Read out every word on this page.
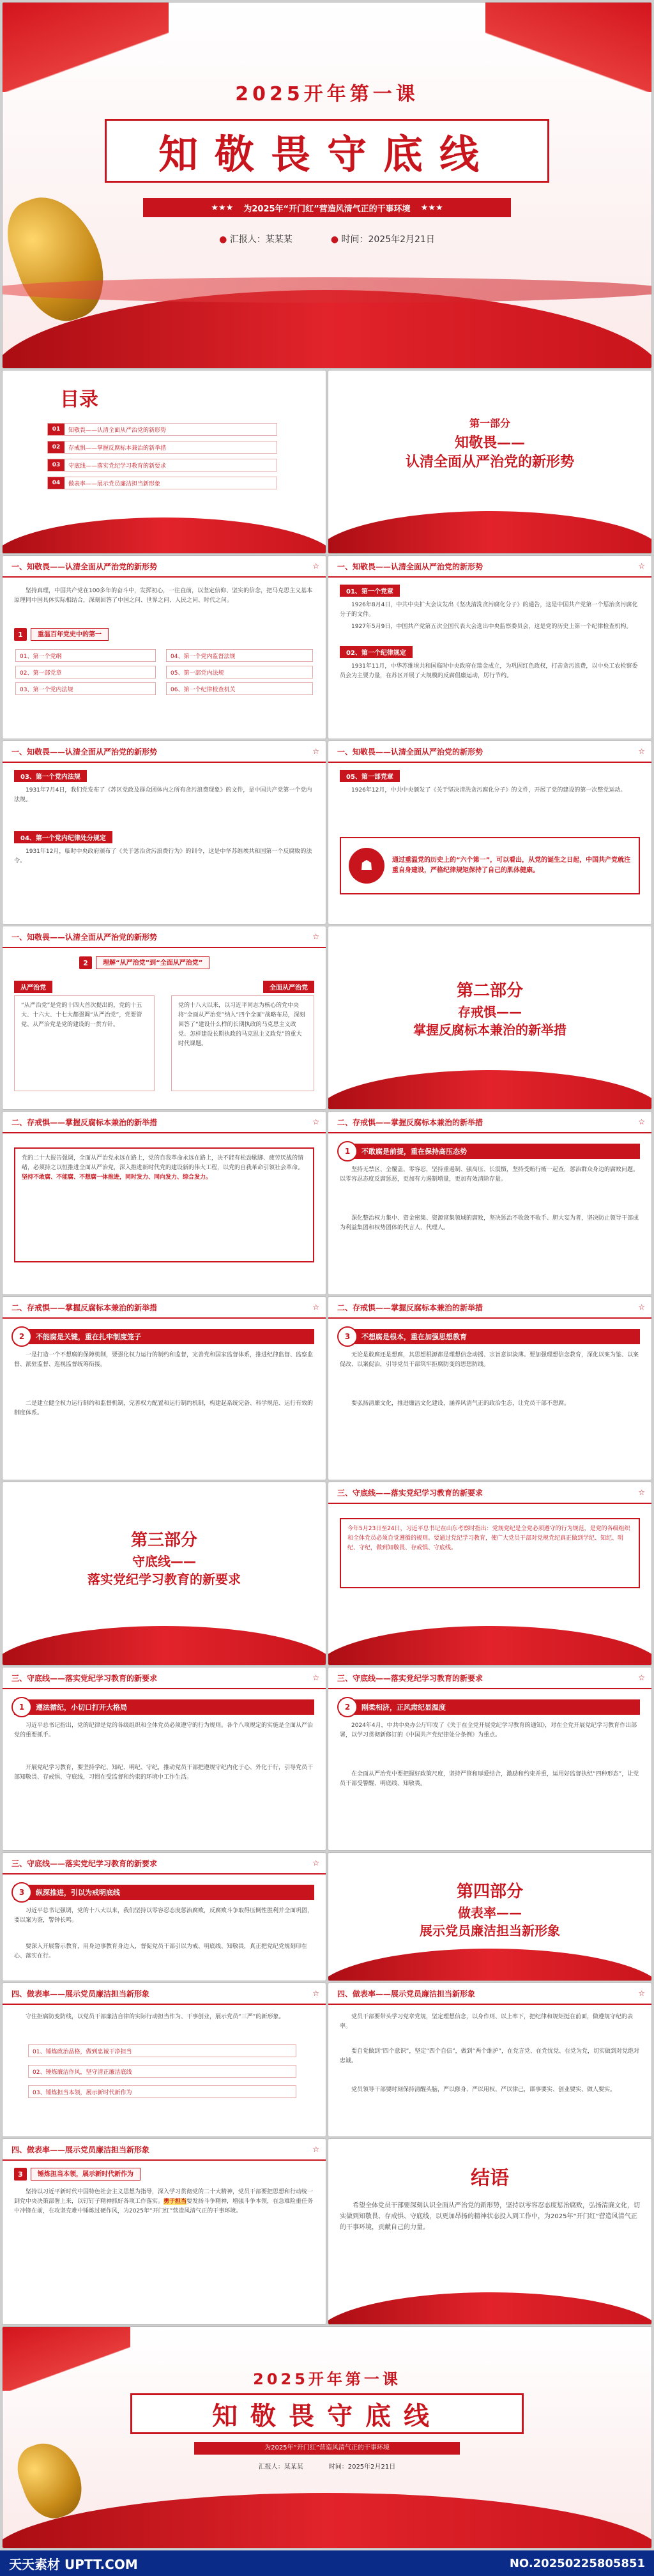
2025开年第一课
知敬畏守底线
★★★ 为2025年“开门红”营造风清气正的干事环境 ★★★
● 汇报人：某某某	● 时间：2025年2月21日
目录
01	知敬畏——认清全面从严治党的新形势
02	存戒惧——掌握反腐标本兼治的新举措
03	守底线——落实党纪学习教育的新要求
04	做表率——展示党员廉洁担当新形象
第一部分
知敬畏——
认清全面从严治党的新形势
一、知敬畏——认清全面从严治党的新形势	☆
坚持真理，中国共产党在100多年的奋斗中，发挥初心，一往直前，以坚定信仰、坚实的信念，把马克思主义基本原理同中国具体实际相结合，深刻回答了中国之问、世界之问、人民之问、时代之问。
1	重温百年党史中的第一
01、第一个党纲	04、第一个党内监督法规
02、第一部党章	05、第一部党内法规
03、第一个党内法规	06、第一个纪律检查机关
一、知敬畏——认清全面从严治党的新形势	☆
01、第一个党章
1926年8月4日，中共中央扩大会议发出《坚决清洗贪污腐化分子》的通告，这是中国共产党第一个惩治贪污腐化分子的文件。
1927年5月9日，中国共产党第五次全国代表大会选出中央监察委员会，这是党的历史上第一个纪律检查机构。
02、第一个纪律规定
1931年11月，中华苏维埃共和国临时中央政府在瑞金成立，为巩固红色政权，打击贪污浪费，以中央工农检察委员会为主要力量，在苏区开展了大规模的反腐倡廉运动，厉行节约。
一、知敬畏——认清全面从严治党的新形势	☆
03、第一个党内法规
1931年7月4日，我们党发布了《苏区党政及群众团体内之所有贪污浪费现象》的文件，是中国共产党第一个党内法规。
04、第一个党内纪律处分规定
1931年12月，临时中央政府颁布了《关于惩治贪污浪费行为》的训令，这是中华苏维埃共和国第一个反腐败的法令。
一、知敬畏——认清全面从严治党的新形势	☆
05、第一部党章
1926年12月，中共中央颁发了《关于坚决清洗贪污腐化分子》的文件，开展了党的建设的第一次整党运动。
☗	通过重温党的历史上的“六个第一”，可以看出，从党的诞生之日起，中国共产党就注重自身建设，严格纪律规矩保持了自己的肌体健康。
一、知敬畏——认清全面从严治党的新形势	☆
2	理解“从严治党”到“全面从严治党”
从严治党	全面从严治党
“从严治党”是党的十四大首次提出的，党的十五大、十六大、十七大都强调“从严治党”，党要管党、从严治党是党的建设的一贯方针。
党的十八大以来，以习近平同志为核心的党中央将“全面从严治党”纳入“四个全面”战略布局，深刻回答了“建设什么样的长期执政的马克思主义政党、怎样建设长期执政的马克思主义政党”的重大时代课题。
第二部分
存戒惧——
掌握反腐标本兼治的新举措
二、存戒惧——掌握反腐标本兼治的新举措	☆
党的二十大报告强调，全面从严治党永远在路上，党的自我革命永远在路上，决不能有松劲歇脚、疲劳厌战的情绪，必须持之以恒推进全面从严治党，深入推进新时代党的建设新的伟大工程，以党的自我革命引领社会革命。坚持不敢腐、不能腐、不想腐一体推进，同时发力、同向发力、综合发力。
二、存戒惧——掌握反腐标本兼治的新举措	☆
1	不敢腐是前提，重在保持高压态势
坚持无禁区、全覆盖、零容忍，坚持重遏制、强高压、长震慑，坚持受贿行贿一起查，惩治群众身边的腐败问题。以零容忍态度反腐惩恶，更加有力遏制增量，更加有效清除存量。
深化整治权力集中、资金密集、资源富集领域的腐败，坚决惩治不收敛不收手、胆大妄为者，坚决防止领导干部成为利益集团和权势团体的代言人、代理人。
二、存戒惧——掌握反腐标本兼治的新举措	☆
2	不能腐是关键，重在扎牢制度笼子
一是打造一个不想腐的保障机制，要强化权力运行的制约和监督，完善党和国家监督体系，推进纪律监督、监察监督、派驻监督、巡视监督统筹衔接。
二是建立健全权力运行制约和监督机制，完善权力配置和运行制约机制，构建起系统完备、科学规范、运行有效的制度体系。
二、存戒惧——掌握反腐标本兼治的新举措	☆
3	不想腐是根本，重在加强思想教育
无论是敢腐还是想腐，其思想根源都是理想信念动摇、宗旨意识淡薄。要加强理想信念教育，深化以案为鉴、以案促改、以案促治，引导党员干部筑牢拒腐防变的思想防线。
要弘扬清廉文化，推进廉洁文化建设，涵养风清气正的政治生态，让党员干部不想腐。
第三部分
守底线——
落实党纪学习教育的新要求
三、守底线——落实党纪学习教育的新要求	☆
今年5月23日至24日，习近平总书记在山东考察时指出：党规党纪是全党必须遵守的行为规范，是党的各级组织和全体党员必须自觉遵循的规则。要通过党纪学习教育，使广大党员干部对党规党纪真正做到学纪、知纪、明纪、守纪，做到知敬畏、存戒惧、守底线。
三、守底线——落实党纪学习教育的新要求	☆
1	遵法循纪，小切口打开大格局
习近平总书记指出，党的纪律是党的各级组织和全体党员必须遵守的行为规则。各个八项规定的实施是全面从严治党的重要抓手。
开展党纪学习教育，要坚持学纪、知纪、明纪、守纪，推动党员干部把遵规守纪内化于心、外化于行，引导党员干部知敬畏、存戒惧、守底线，习惯在受监督和约束的环境中工作生活。
三、守底线——落实党纪学习教育的新要求	☆
2	刚柔相济，正风肃纪显温度
2024年4月，中共中央办公厅印发了《关于在全党开展党纪学习教育的通知》，对在全党开展党纪学习教育作出部署，以学习贯彻新修订的《中国共产党纪律处分条例》为重点。
在全面从严治党中要把握好政策尺度，坚持严管和厚爱结合，激励和约束并重，运用好监督执纪“四种形态”，让党员干部受警醒、明底线、知敬畏。
三、守底线——落实党纪学习教育的新要求	☆
3	纵深推进，引以为戒明底线
习近平总书记强调，党的十八大以来，我们坚持以零容忍态度惩治腐败，反腐败斗争取得压倒性胜利并全面巩固，要以案为鉴，警钟长鸣。
要深入开展警示教育，用身边事教育身边人，督促党员干部引以为戒、明底线、知敬畏，真正把党纪党规刻印在心、落实在行。
第四部分
做表率——
展示党员廉洁担当新形象
四、做表率——展示党员廉洁担当新形象	☆
守住拒腐防变防线，以党员干部廉洁自律的实际行动担当作为、干事创业，展示党员“三严”的新形象。
01、锤炼政治品格，做到忠诚干净担当
02、锤炼廉洁作风，坚守清正廉洁底线
03、锤炼担当本领，展示新时代新作为
四、做表率——展示党员廉洁担当新形象	☆
党员干部要带头学习党章党规，坚定理想信念，以身作则、以上率下，把纪律和规矩挺在前面，做遵规守纪的表率。
要自觉做到“四个意识”，坚定“四个自信”，做到“两个维护”，在党言党、在党忧党、在党为党，切实做到对党绝对忠诚。
党员领导干部要时刻保持清醒头脑，严以修身、严以用权、严以律己，谋事要实、创业要实、做人要实。
四、做表率——展示党员廉洁担当新形象	☆
3	锤炼担当本领，展示新时代新作为
坚持以习近平新时代中国特色社会主义思想为指导，深入学习贯彻党的二十大精神，党员干部要把思想和行动统一到党中央决策部署上来，以钉钉子精神抓好各项工作落实。勇于担当要发扬斗争精神，增强斗争本领，在急难险重任务中冲锋在前，在攻坚克难中锤炼过硬作风，为2025年“开门红”营造风清气正的干事环境。
结语
希望全体党员干部要深刻认识全面从严治党的新形势，坚持以零容忍态度惩治腐败，弘扬清廉文化，切实做到知敬畏、存戒惧、守底线，以更加昂扬的精神状态投入到工作中，为2025年“开门红”营造风清气正的干事环境，贡献自己的力量。
2025开年第一课
知敬畏守底线
为2025年“开门红”营造风清气正的干事环境
汇报人：某某某	时间：2025年2月21日
天天素材 UPTT.COM	NO.20250225805851
